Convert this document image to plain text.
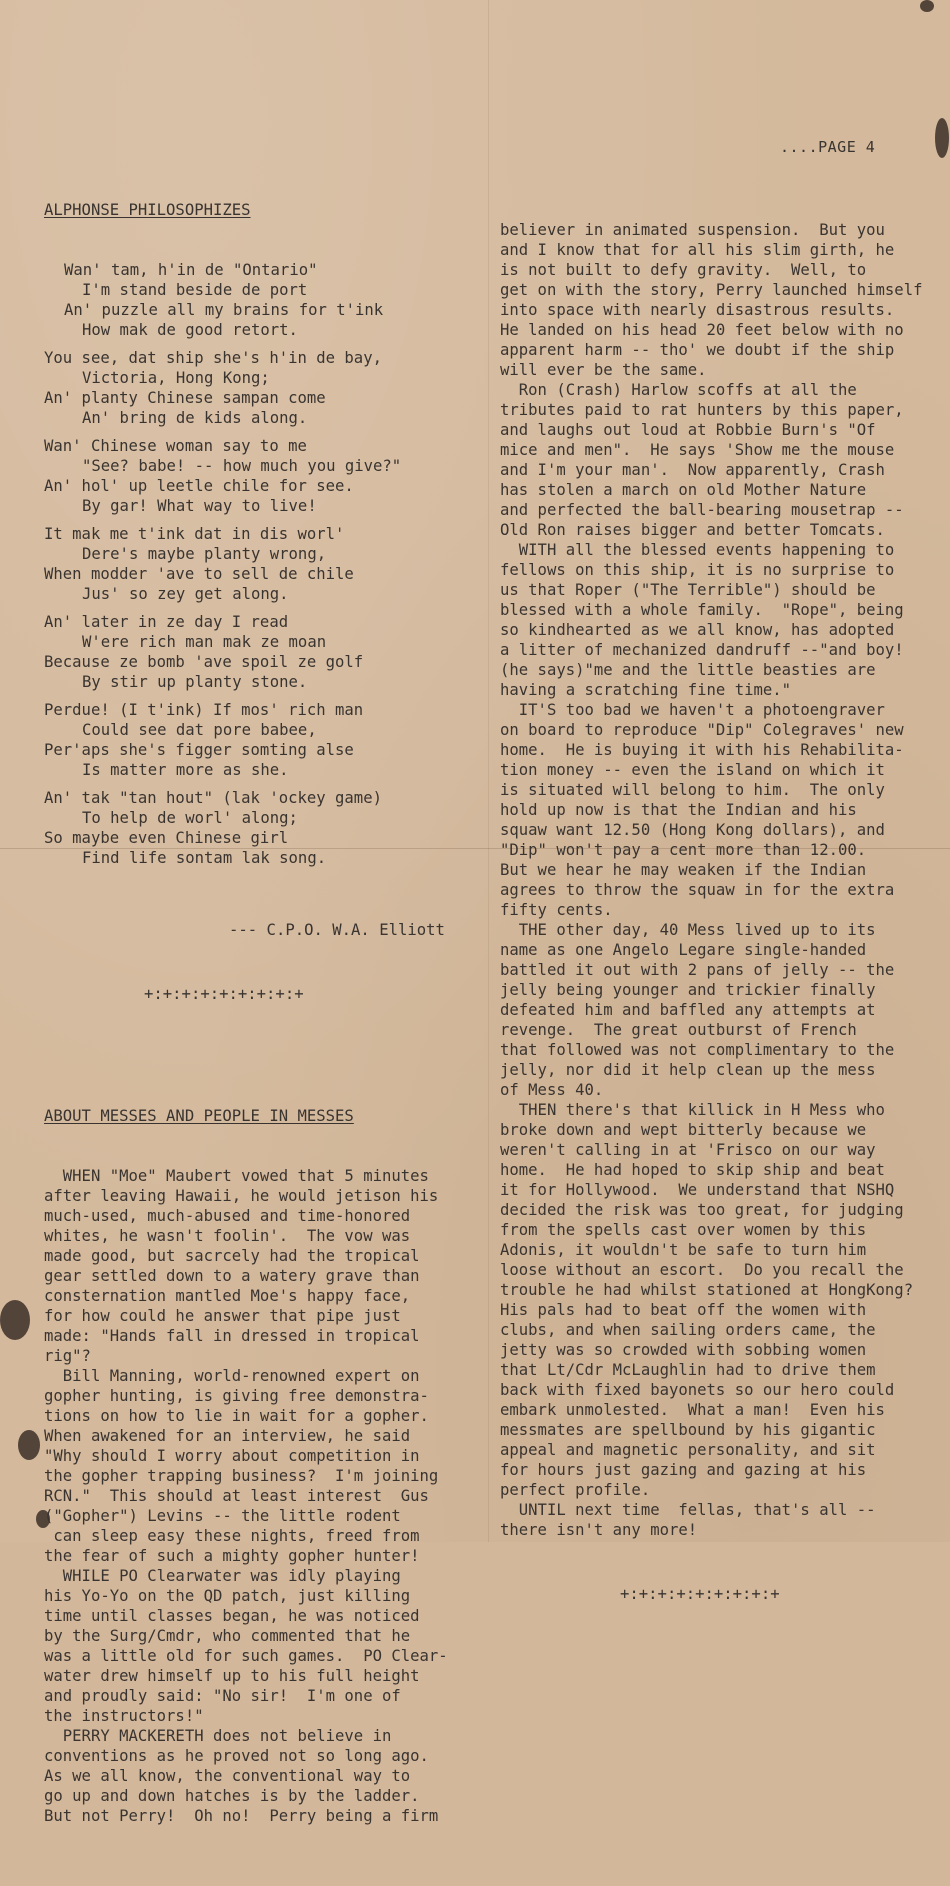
....PAGE 4

ALPHONSE PHILOSOPHIZES

Wan' tam, h'in de "Ontario"
I'm stand beside de port
An' puzzle all my brains for t'ink
How mak de good retort.
You see, dat ship she's h'in de bay,
Victoria, Hong Kong;
An' planty Chinese sampan come
An' bring de kids along.
Wan' Chinese woman say to me
"See? babe! -- how much you give?"
An' hol' up leetle chile for see.
By gar! What way to live!
It mak me t'ink dat in dis worl'
Dere's maybe planty wrong,
When modder 'ave to sell de chile
Jus' so zey get along.
An' later in ze day I read
W'ere rich man mak ze moan
Because ze bomb 'ave spoil ze golf
By stir up planty stone.
Perdue! (I t'ink) If mos' rich man
Could see dat pore babee,
Per'aps she's figger somting alse
Is matter more as she.
An' tak "tan hout" (lak 'ockey game)
To help de worl' along;
So maybe even Chinese girl
Find life sontam lak song.

--- C.P.O. W.A. Elliott

+:+:+:+:+:+:+:+:+

ABOUT MESSES AND PEOPLE IN MESSES

WHEN "Moe" Maubert vowed that 5 minutes
after leaving Hawaii, he would jetison his
much-used, much-abused and time-honored
whites, he wasn't foolin'.  The vow was
made good, but sacrcely had the tropical
gear settled down to a watery grave than
consternation mantled Moe's happy face,
for how could he answer that pipe just
made: "Hands fall in dressed in tropical
rig"?
Bill Manning, world-renowned expert on
gopher hunting, is giving free demonstra-
tions on how to lie in wait for a gopher.
When awakened for an interview, he said
"Why should I worry about competition in
the gopher trapping business?  I'm joining
RCN."  This should at least interest  Gus
("Gopher") Levins -- the little rodent
can sleep easy these nights, freed from
the fear of such a mighty gopher hunter!
WHILE PO Clearwater was idly playing
his Yo-Yo on the QD patch, just killing
time until classes began, he was noticed
by the Surg/Cmdr, who commented that he
was a little old for such games.  PO Clear-
water drew himself up to his full height
and proudly said: "No sir!  I'm one of
the instructors!"
PERRY MACKERETH does not believe in
conventions as he proved not so long ago.
As we all know, the conventional way to
go up and down hatches is by the ladder.
But not Perry!  Oh no!  Perry being a firm

believer in animated suspension.  But you
and I know that for all his slim girth, he
is not built to defy gravity.  Well, to
get on with the story, Perry launched himself
into space with nearly disastrous results.
He landed on his head 20 feet below with no
apparent harm -- tho' we doubt if the ship
will ever be the same.
Ron (Crash) Harlow scoffs at all the
tributes paid to rat hunters by this paper,
and laughs out loud at Robbie Burn's "Of
mice and men".  He says 'Show me the mouse
and I'm your man'.  Now apparently, Crash
has stolen a march on old Mother Nature
and perfected the ball-bearing mousetrap --
Old Ron raises bigger and better Tomcats.
WITH all the blessed events happening to
fellows on this ship, it is no surprise to
us that Roper ("The Terrible") should be
blessed with a whole family.  "Rope", being
so kindhearted as we all know, has adopted
a litter of mechanized dandruff --"and boy!
(he says)"me and the little beasties are
having a scratching fine time."
IT'S too bad we haven't a photoengraver
on board to reproduce "Dip" Colegraves' new
home.  He is buying it with his Rehabilita-
tion money -- even the island on which it
is situated will belong to him.  The only
hold up now is that the Indian and his
squaw want 12.50 (Hong Kong dollars), and
"Dip" won't pay a cent more than 12.00.
But we hear he may weaken if the Indian
agrees to throw the squaw in for the extra
fifty cents.
THE other day, 40 Mess lived up to its
name as one Angelo Legare single-handed
battled it out with 2 pans of jelly -- the
jelly being younger and trickier finally
defeated him and baffled any attempts at
revenge.  The great outburst of French
that followed was not complimentary to the
jelly, nor did it help clean up the mess
of Mess 40.
THEN there's that killick in H Mess who
broke down and wept bitterly because we
weren't calling in at 'Frisco on our way
home.  He had hoped to skip ship and beat
it for Hollywood.  We understand that NSHQ
decided the risk was too great, for judging
from the spells cast over women by this
Adonis, it wouldn't be safe to turn him
loose without an escort.  Do you recall the
trouble he had whilst stationed at HongKong?
His pals had to beat off the women with
clubs, and when sailing orders came, the
jetty was so crowded with sobbing women
that Lt/Cdr McLaughlin had to drive them
back with fixed bayonets so our hero could
embark unmolested.  What a man!  Even his
messmates are spellbound by his gigantic
appeal and magnetic personality, and sit
for hours just gazing and gazing at his
perfect profile.
UNTIL next time  fellas, that's all --
there isn't any more!

+:+:+:+:+:+:+:+:+
